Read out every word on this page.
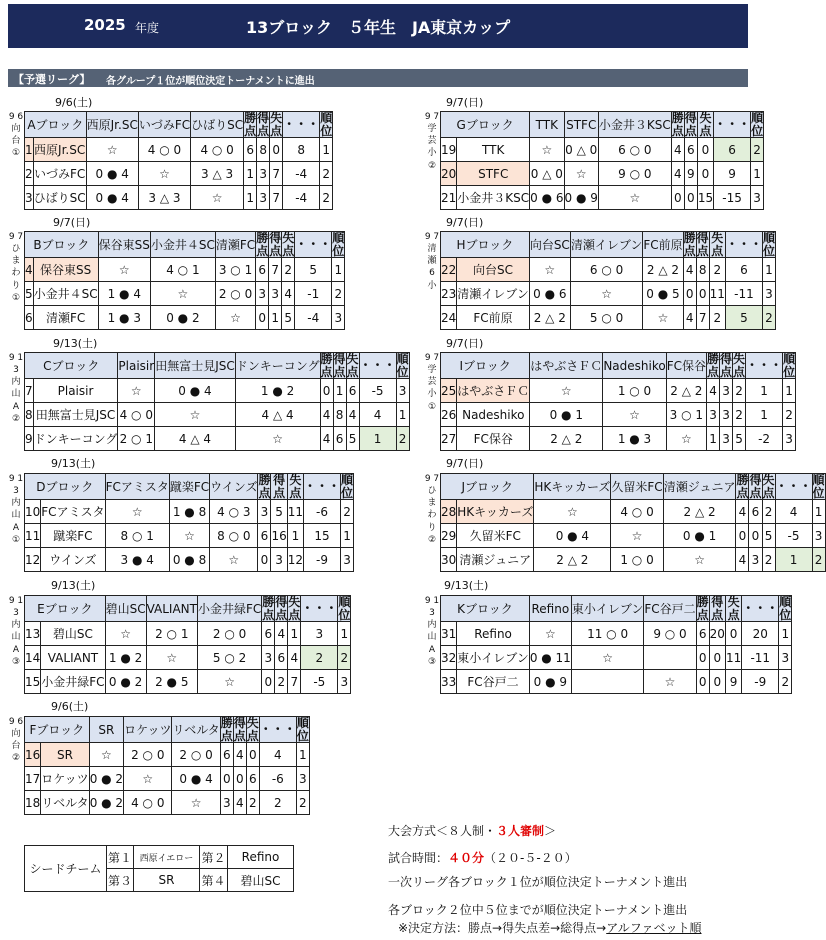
2025 年度	13ブロック　５年生　JA東京カップ
【予選リーグ】 各グループ１位が順位決定トーナメントに進出
9/6(土)
9 6 向 台 ①
Aブロック		西原Jr.SC	いづみFC	ひばりSC	勝点	得点	失点	・・・	順位
1	西原Jr.SC	☆	4 ○ 0	4 ○ 0	6	8	0	8	1
2	いづみFC	0 ● 4	☆	3 △ 3	1	3	7	-4	2
3	ひばりSC	0 ● 4	3 △ 3	☆	1	3	7	-4	2
9/7(日)
9 7 ひ ま わ り ①
Bブロック		保谷東SS	小金井４SC	清瀬FC	勝点	得点	失点	・・・	順位
4	保谷東SS	☆	4 ○ 1	3 ○ 1	6	7	2	5	1
5	小金井４SC	1 ● 4	☆	2 ○ 0	3	3	4	-1	2
6	清瀬FC	1 ● 3	0 ● 2	☆	0	1	5	-4	3
9/13(土)
9 1 3 内 山 A ②
Cブロック		Plaisir	田無富士見JSC	ドンキーコング	勝点	得点	失点	・・・	順位
7	Plaisir	☆	0 ● 4	1 ● 2	0	1	6	-5	3
8	田無富士見JSC	4 ○ 0	☆	4 △ 4	4	8	4	4	1
9	ドンキーコング	2 ○ 1	4 △ 4	☆	4	6	5	1	2
9/13(土)
9 1 3 内 山 A ①
Dブロック		FCアミスタ	蹴楽FC	ウインズ	勝点	得点	失点	・・・	順位
10	FCアミスタ	☆	1 ● 8	4 ○ 3	3	5	11	-6	2
11	蹴楽FC	8 ○ 1	☆	8 ○ 0	6	16	1	15	1
12	ウインズ	3 ● 4	0 ● 8	☆	0	3	12	-9	3
9/13(土)
9 1 3 内 山 A ③
Eブロック		碧山SC	VALIANT	小金井緑FC	勝点	得点	失点	・・・	順位
13	碧山SC	☆	2 ○ 1	2 ○ 0	6	4	1	3	1
14	VALIANT	1 ● 2	☆	5 ○ 2	3	6	4	2	2
15	小金井緑FC	0 ● 2	2 ● 5	☆	0	2	7	-5	3
9/6(土)
9 6 向 台 ②
Fブロック		SR	ロケッツ	リベルタ	勝点	得点	失点	・・・	順位
16	SR	☆	2 ○ 0	2 ○ 0	6	4	0	4	1
17	ロケッツ	0 ● 2	☆	0 ● 4	0	0	6	-6	3
18	リベルタ	0 ● 2	4 ○ 0	☆	3	4	2	2	2
9/7(日)
9 7 学 芸 小 ②
Gブロック		TTK	STFC	小金井３KSC	勝点	得点	失点	・・・	順位
19	TTK	☆	0 △ 0	6 ○ 0	4	6	0	6	2
20	STFC	0 △ 0	☆	9 ○ 0	4	9	0	9	1
21	小金井３KSC	0 ● 6	0 ● 9	☆	0	0	15	-15	3
9/7(日)
9 7 清 瀬 6 小
Hブロック		向台SC	清瀬イレブン	FC前原	勝点	得点	失点	・・・	順位
22	向台SC	☆	6 ○ 0	2 △ 2	4	8	2	6	1
23	清瀬イレブン	0 ● 6	☆	0 ● 5	0	0	11	-11	3
24	FC前原	2 △ 2	5 ○ 0	☆	4	7	2	5	2
9/7(日)
9 7 学 芸 小 ①
Iブロック		はやぶさＦＣ	Nadeshiko	FC保谷	勝点	得点	失点	・・・	順位
25	はやぶさＦＣ	☆	1 ○ 0	2 △ 2	4	3	2	1	1
26	Nadeshiko	0 ● 1	☆	3 ○ 1	3	3	2	1	2
27	FC保谷	2 △ 2	1 ● 3	☆	1	3	5	-2	3
9/7(日)
9 7 ひ ま わ り ②
Jブロック		HKキッカーズ	久留米FC	清瀬ジュニア	勝点	得点	失点	・・・	順位
28	HKキッカーズ	☆	4 ○ 0	2 △ 2	4	6	2	4	1
29	久留米FC	0 ● 4	☆	0 ● 1	0	0	5	-5	3
30	清瀬ジュニア	2 △ 2	1 ○ 0	☆	4	3	2	1	2
9/13(土)
9 1 3 内 山 A ③
Kブロック		Refino	東小イレブン	FC谷戸二	勝点	得点	失点	・・・	順位
31	Refino	☆	11 ○ 0	9 ○ 0	6	20	0	20	1
32	東小イレブン	0 ● 11	☆		0	0	11	-11	3
33	FC谷戸二	0 ● 9		☆	0	0	9	-9	2
大会方式＜８人制・３人審制＞
試合時間：４０分（２０-５-２０）
一次リーグ各ブロック１位が順位決定トーナメント進出
各ブロック２位中５位までが順位決定トーナメント進出
※決定方法：勝点→得失点差→総得点→アルファベット順
シードチーム	第１	西原イエロー	第２	Refino
	第３	SR	第４	碧山SC
